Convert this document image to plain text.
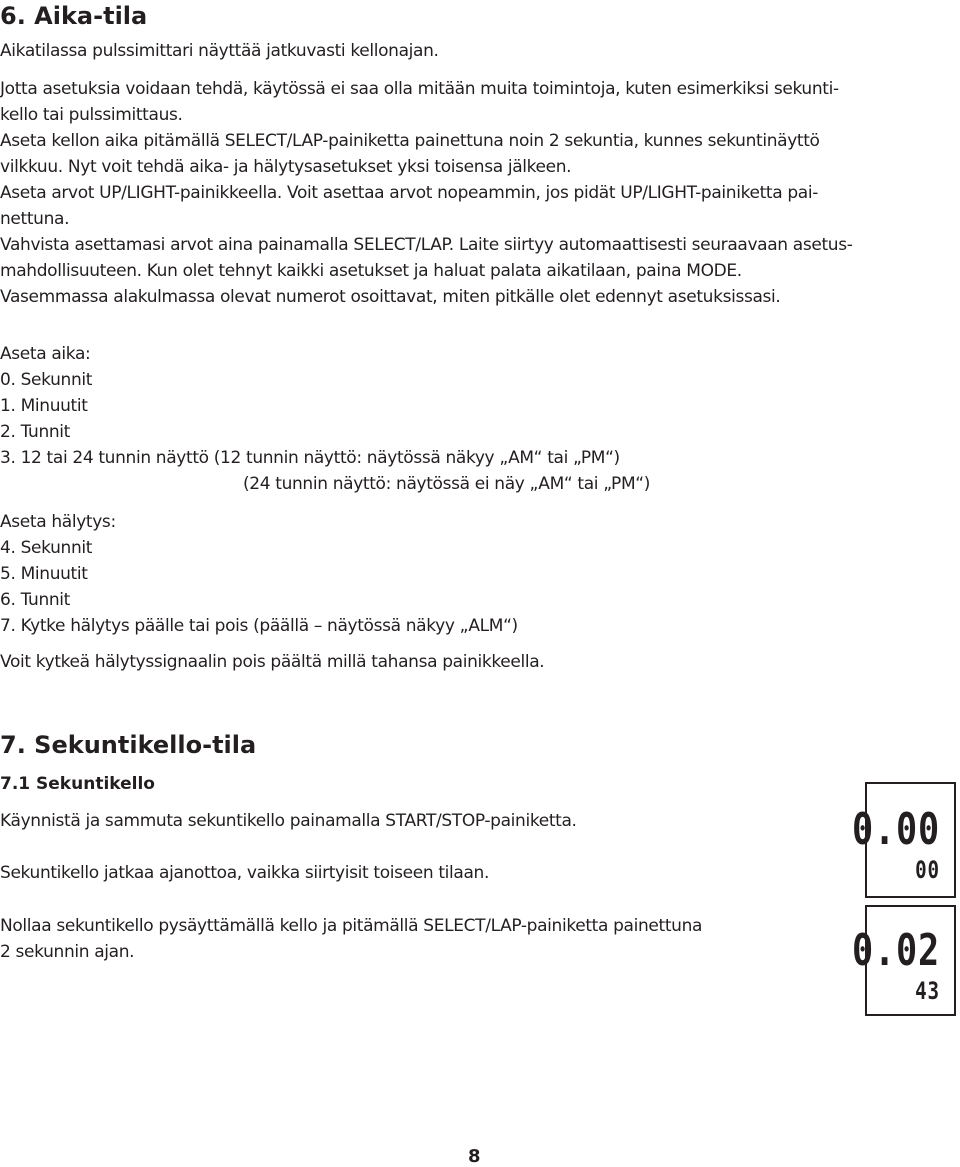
6. Aika-tila

Aikatilassa pulssimittari näyttää jatkuvasti kellonajan.

Jotta asetuksia voidaan tehdä, käytössä ei saa olla mitään muita toimintoja, kuten esimerkiksi sekunti-

kello tai pulssimittaus.

Aseta kellon aika pitämällä SELECT/LAP-painiketta painettuna noin 2 sekuntia, kunnes sekuntinäyttö

vilkkuu. Nyt voit tehdä aika- ja hälytysasetukset yksi toisensa jälkeen.

Aseta arvot UP/LIGHT-painikkeella. Voit asettaa arvot nopeammin, jos pidät UP/LIGHT-painiketta pai-

nettuna.

Vahvista asettamasi arvot aina painamalla SELECT/LAP. Laite siirtyy automaattisesti seuraavaan asetus-

mahdollisuuteen. Kun olet tehnyt kaikki asetukset ja haluat palata aikatilaan, paina MODE.

Vasemmassa alakulmassa olevat numerot osoittavat, miten pitkälle olet edennyt asetuksissasi.

Aseta aika:

0. Sekunnit

1. Minuutit

2. Tunnit

3. 12 tai 24 tunnin näyttö (12 tunnin näyttö: näytössä näkyy „AM“ tai „PM“)

(24 tunnin näyttö: näytössä ei näy „AM“ tai „PM“)

Aseta hälytys:

4. Sekunnit

5. Minuutit

6. Tunnit

7. Kytke hälytys päälle tai pois (päällä – näytössä näkyy „ALM“)

Voit kytkeä hälytyssignaalin pois päältä millä tahansa painikkeella.

7. Sekuntikello-tila
7.1 Sekuntikello

Käynnistä ja sammuta sekuntikello painamalla START/STOP-painiketta.

Sekuntikello jatkaa ajanottoa, vaikka siirtyisit toiseen tilaan.

Nollaa sekuntikello pysäyttämällä kello ja pitämällä SELECT/LAP-painiketta painettuna

2 sekunnin ajan.

0.00
00
0.02
43
8
